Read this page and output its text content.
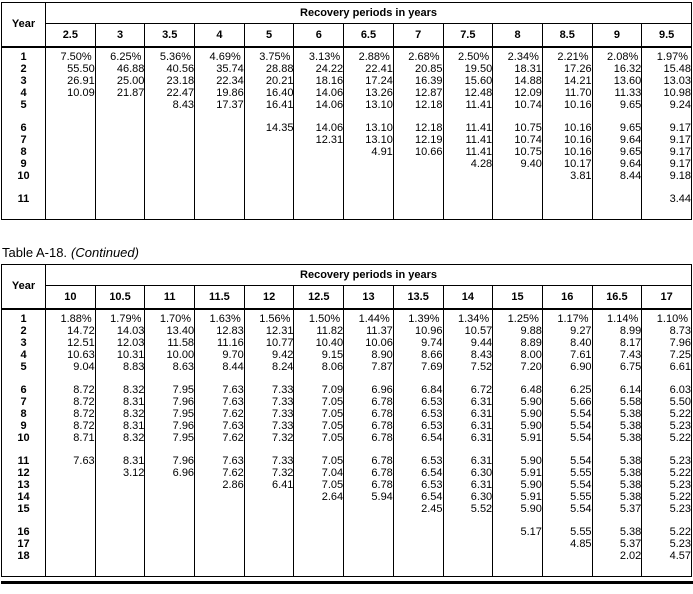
Year	Recovery periods in years												
	2.5	3	3.5	4	5	6	6.5	7	7.5	8	8.5	9	9.5

1	7.50%	6.25%	5.36%	4.69%	3.75%	3.13%	2.88%	2.68%	2.50%	2.34%	2.21%	2.08%	1.97%
2	55.50	46.88	40.56	35.74	28.88	24.22	22.41	20.85	19.50	18.31	17.26	16.32	15.48
3	26.91	25.00	23.18	22.34	20.21	18.16	17.24	16.39	15.60	14.88	14.21	13.60	13.03
4	10.09	21.87	22.47	19.86	16.40	14.06	13.26	12.87	12.48	12.09	11.70	11.33	10.98
5			8.43	17.37	16.41	14.06	13.10	12.18	11.41	10.74	10.16	9.65	9.24

6					14.35	14.06	13.10	12.18	11.41	10.75	10.16	9.65	9.17
7						12.31	13.10	12.19	11.41	10.74	10.16	9.64	9.17
8							4.91	10.66	11.41	10.75	10.16	9.65	9.17
9									4.28	9.40	10.17	9.64	9.17
10											3.81	8.44	9.18

11													3.44

Table A-18. (Continued)
Year	Recovery periods in years												
	10	10.5	11	11.5	12	12.5	13	13.5	14	15	16	16.5	17

1	1.88%	1.79%	1.70%	1.63%	1.56%	1.50%	1.44%	1.39%	1.34%	1.25%	1.17%	1.14%	1.10%
2	14.72	14.03	13.40	12.83	12.31	11.82	11.37	10.96	10.57	9.88	9.27	8.99	8.73
3	12.51	12.03	11.58	11.16	10.77	10.40	10.06	9.74	9.44	8.89	8.40	8.17	7.96
4	10.63	10.31	10.00	9.70	9.42	9.15	8.90	8.66	8.43	8.00	7.61	7.43	7.25
5	9.04	8.83	8.63	8.44	8.24	8.06	7.87	7.69	7.52	7.20	6.90	6.75	6.61

6	8.72	8.32	7.95	7.63	7.33	7.09	6.96	6.84	6.72	6.48	6.25	6.14	6.03
7	8.72	8.31	7.96	7.63	7.33	7.05	6.78	6.53	6.31	5.90	5.66	5.58	5.50
8	8.72	8.32	7.95	7.62	7.33	7.05	6.78	6.53	6.31	5.90	5.54	5.38	5.22
9	8.72	8.31	7.96	7.63	7.33	7.05	6.78	6.53	6.31	5.90	5.54	5.38	5.23
10	8.71	8.32	7.95	7.62	7.32	7.05	6.78	6.54	6.31	5.91	5.54	5.38	5.22

11	7.63	8.31	7.96	7.63	7.33	7.05	6.78	6.53	6.31	5.90	5.54	5.38	5.23
12		3.12	6.96	7.62	7.32	7.04	6.78	6.54	6.30	5.91	5.55	5.38	5.22
13				2.86	6.41	7.05	6.78	6.53	6.31	5.90	5.54	5.38	5.23
14						2.64	5.94	6.54	6.30	5.91	5.55	5.38	5.22
15								2.45	5.52	5.90	5.54	5.37	5.23

16										5.17	5.55	5.38	5.22
17											4.85	5.37	5.23
18												2.02	4.57
